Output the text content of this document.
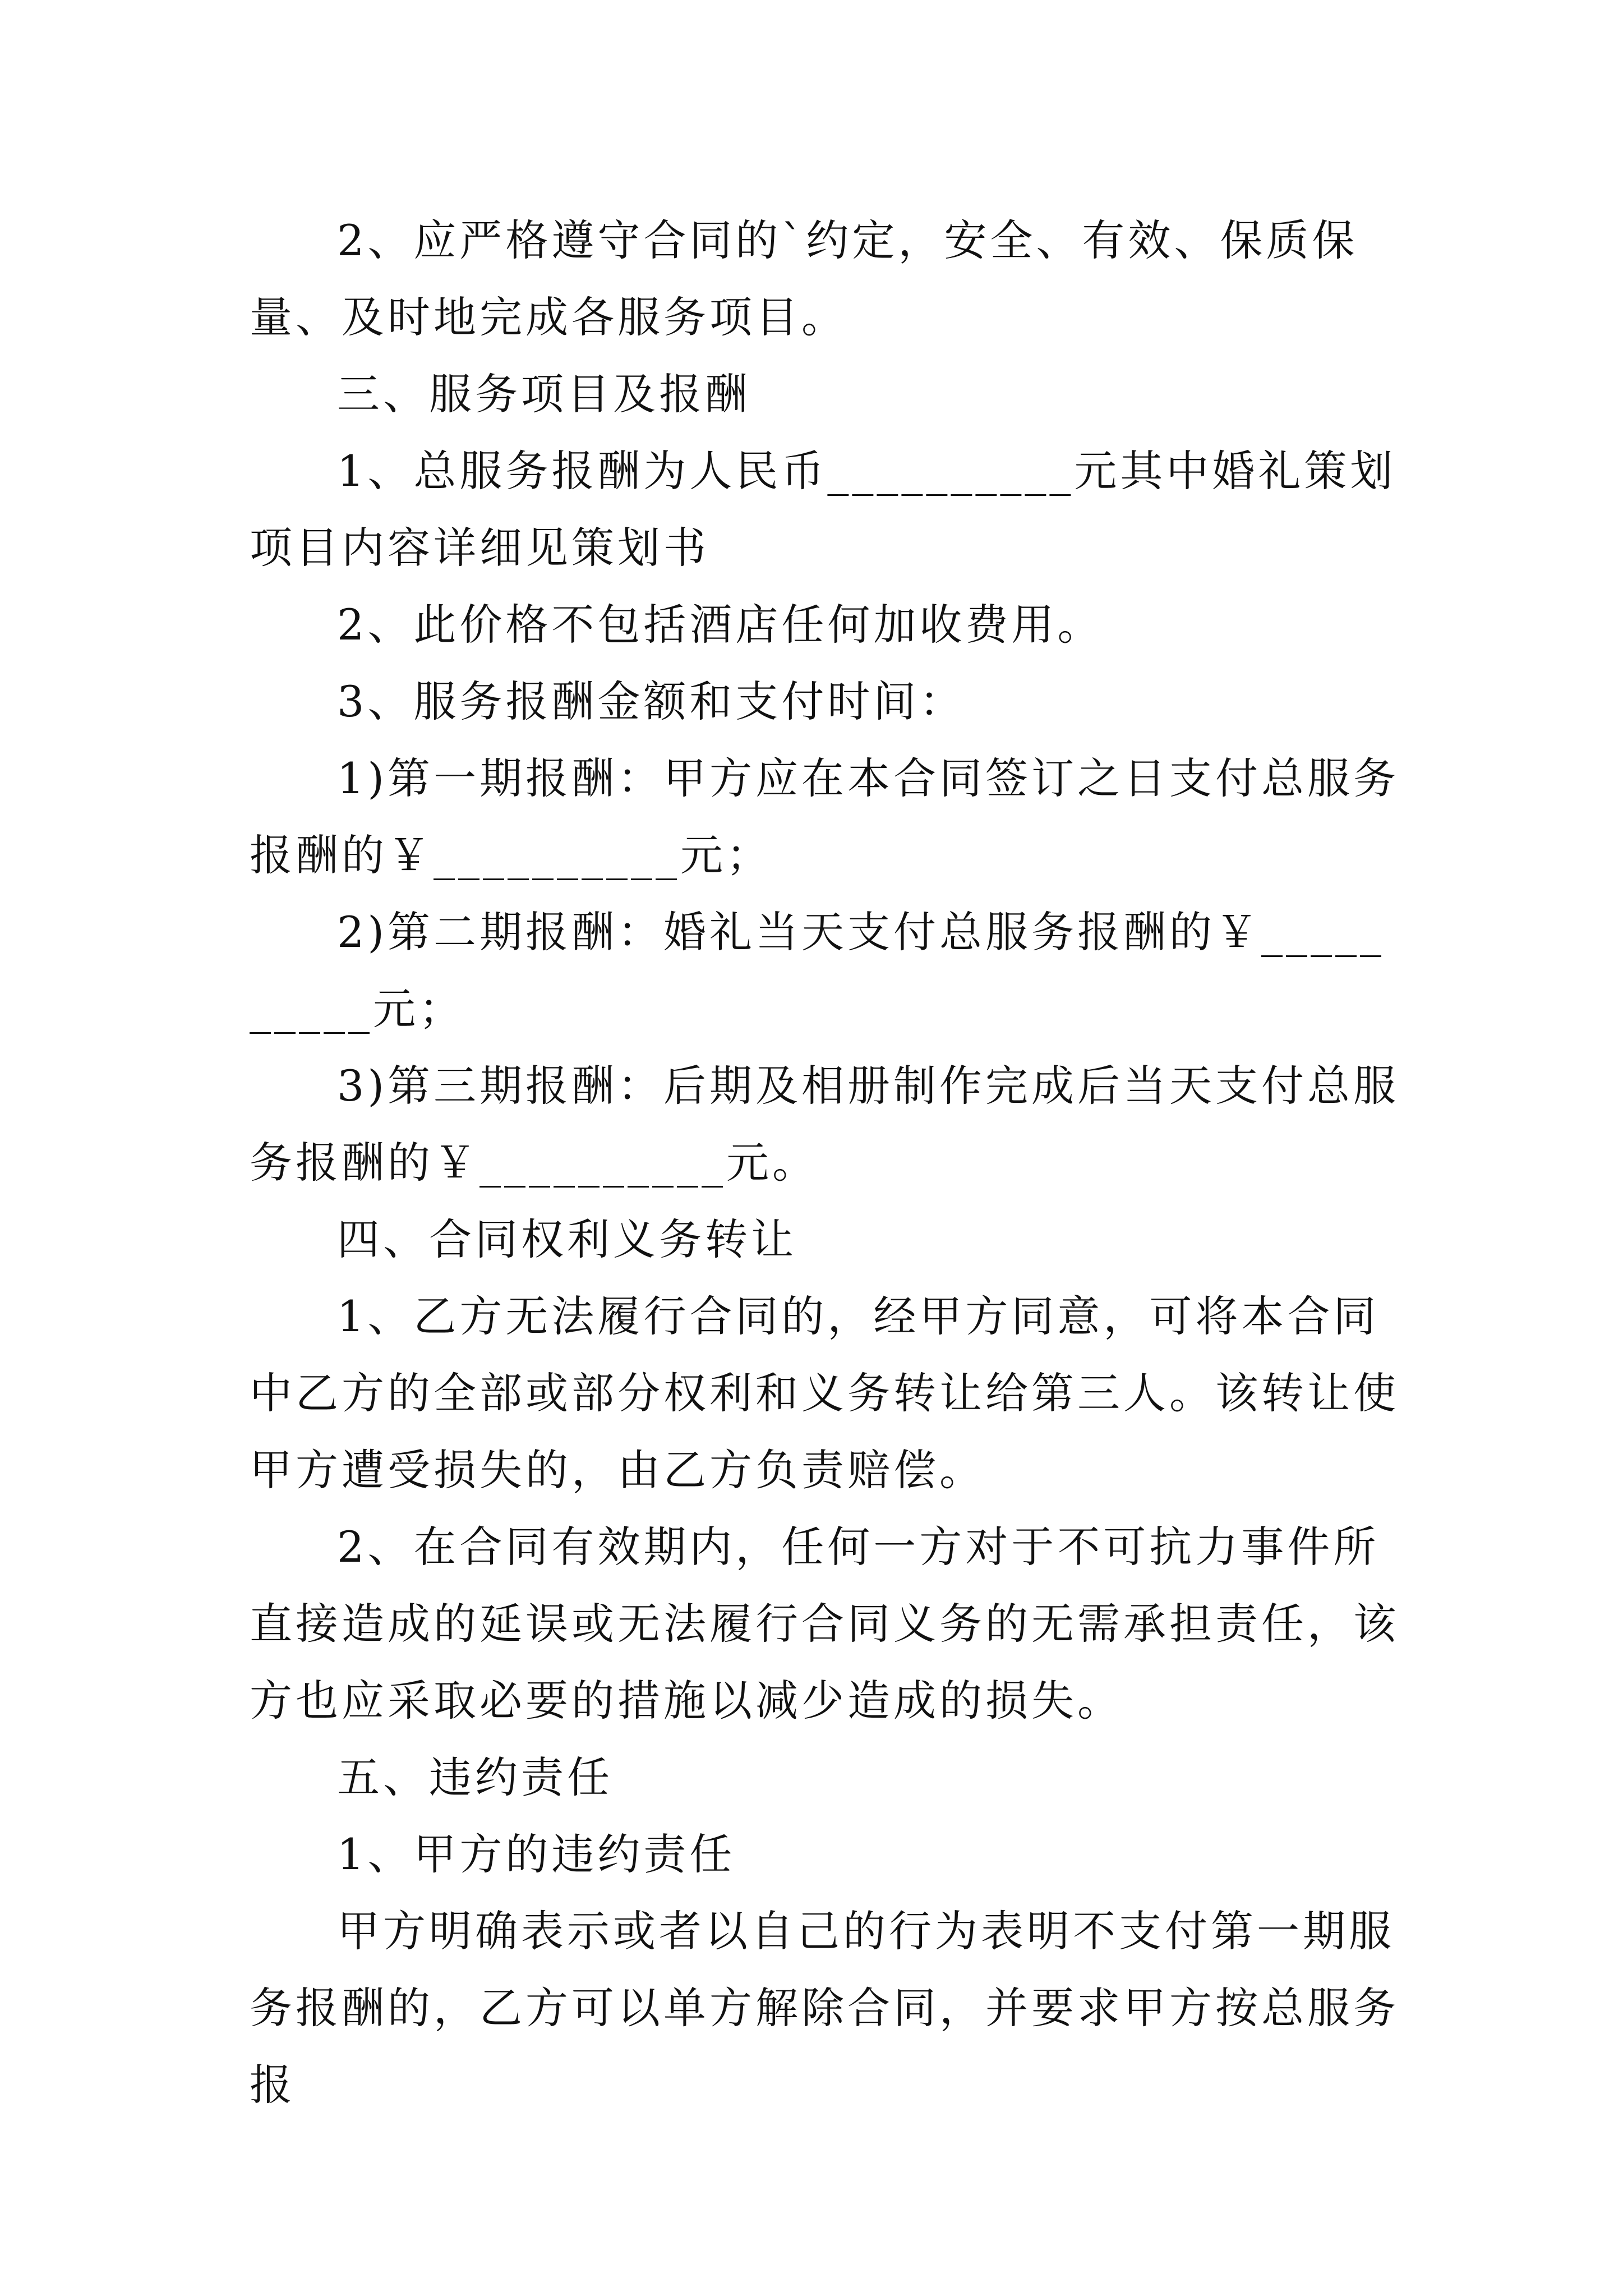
2、应严格遵守合同的`约定，安全、有效、保质保量、及时地完成各服务项目。

三、服务项目及报酬

1、总服务报酬为人民币__________元其中婚礼策划项目内容详细见策划书

2、此价格不包括酒店任何加收费用。

3、服务报酬金额和支付时间：

1)第一期报酬：甲方应在本合同签订之日支付总服务报酬的￥__________元；

2)第二期报酬：婚礼当天支付总服务报酬的￥__________元；

3)第三期报酬：后期及相册制作完成后当天支付总服务报酬的￥__________元。

四、合同权利义务转让

1、乙方无法履行合同的，经甲方同意，可将本合同中乙方的全部或部分权利和义务转让给第三人。该转让使甲方遭受损失的，由乙方负责赔偿。

2、在合同有效期内，任何一方对于不可抗力事件所直接造成的延误或无法履行合同义务的无需承担责任，该方也应采取必要的措施以减少造成的损失。

五、违约责任

1、甲方的违约责任

甲方明确表示或者以自己的行为表明不支付第一期服务报酬的，乙方可以单方解除合同，并要求甲方按总服务报
